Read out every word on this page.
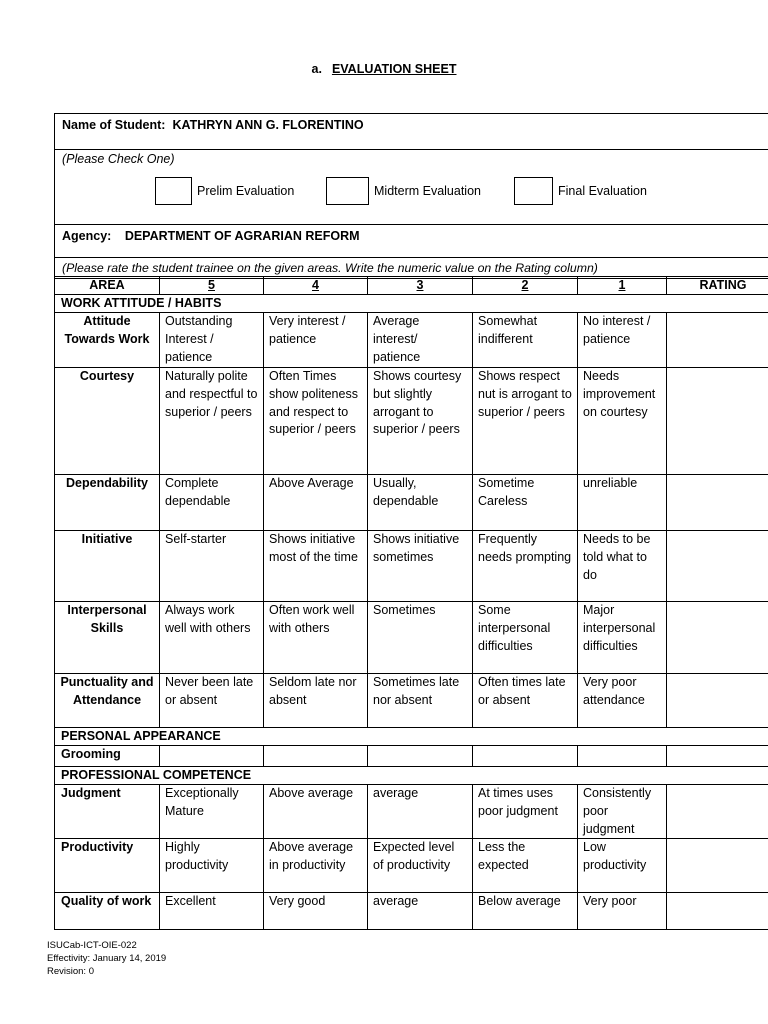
a. EVALUATION SHEET
Name of Student: KATHRYN ANN G. FLORENTINO
(Please Check One)
Prelim Evaluation	Midterm Evaluation	Final Evaluation
Agency: DEPARTMENT OF AGRARIAN REFORM
(Please rate the student trainee on the given areas. Write the numeric value on the Rating column)
AREA	5	4	3	2	1	RATING
WORK ATTITUDE / HABITS						
Attitude Towards Work	Outstanding Interest / patience	Very interest / patience	Average interest/ patience	Somewhat indifferent	No interest / patience	
Courtesy	Naturally polite and respectful to superior / peers	Often Times show politeness and respect to superior / peers	Shows courtesy but slightly arrogant to superior / peers	Shows respect nut is arrogant to superior / peers	Needs improvement on courtesy	
Dependability	Complete dependable	Above Average	Usually, dependable	Sometime Careless	unreliable	
Initiative	Self-starter	Shows initiative most of the time	Shows initiative sometimes	Frequently needs prompting	Needs to be told what to do	
Interpersonal Skills	Always work well with others	Often work well with others	Sometimes	Some interpersonal difficulties	Major interpersonal difficulties	
Punctuality and Attendance	Never been late or absent	Seldom late nor absent	Sometimes late nor absent	Often times late or absent	Very poor attendance	
PERSONAL APPEARANCE						
Grooming						
PROFESSIONAL COMPETENCE						
Judgment	Exceptionally Mature	Above average	average	At times uses poor judgment	Consistently poor judgment	
Productivity	Highly productivity	Above average in productivity	Expected level of productivity	Less the expected	Low productivity	
Quality of work	Excellent	Very good	average	Below average	Very poor	
ISUCab-ICT-OIE-022
Effectivity: January 14, 2019
Revision: 0
